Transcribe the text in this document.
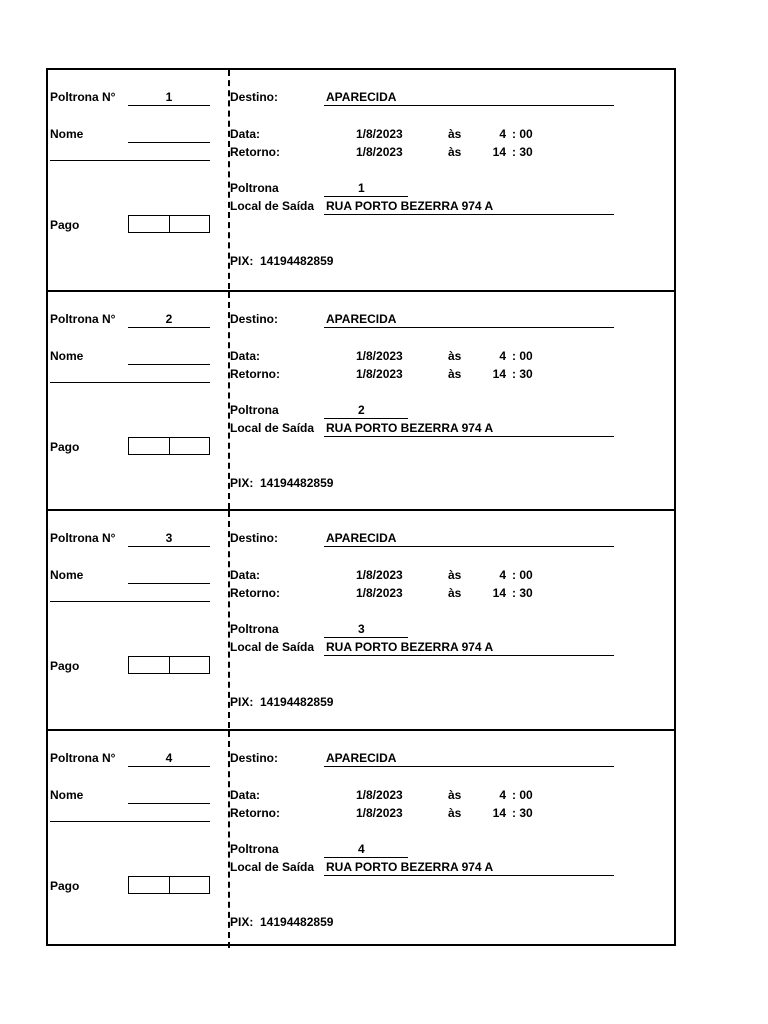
Poltrona N°	1
Nome
Pago
Destino:	APARECIDA
Data:	1/8/2023	às	4 : 00
Retorno:	1/8/2023	às	14 : 30
Poltrona	1
Local de Saída RUA PORTO BEZERRA 974 A
PIX: 14194482859
Poltrona N°	2
Nome
Pago
Destino:	APARECIDA
Data:	1/8/2023	às	4 : 00
Retorno:	1/8/2023	às	14 : 30
Poltrona	2
Local de Saída RUA PORTO BEZERRA 974 A
PIX: 14194482859
Poltrona N°	3
Nome
Pago
Destino:	APARECIDA
Data:	1/8/2023	às	4 : 00
Retorno:	1/8/2023	às	14 : 30
Poltrona	3
Local de Saída RUA PORTO BEZERRA 974 A
PIX: 14194482859
Poltrona N°	4
Nome
Pago
Destino:	APARECIDA
Data:	1/8/2023	às	4 : 00
Retorno:	1/8/2023	às	14 : 30
Poltrona	4
Local de Saída RUA PORTO BEZERRA 974 A
PIX: 14194482859
